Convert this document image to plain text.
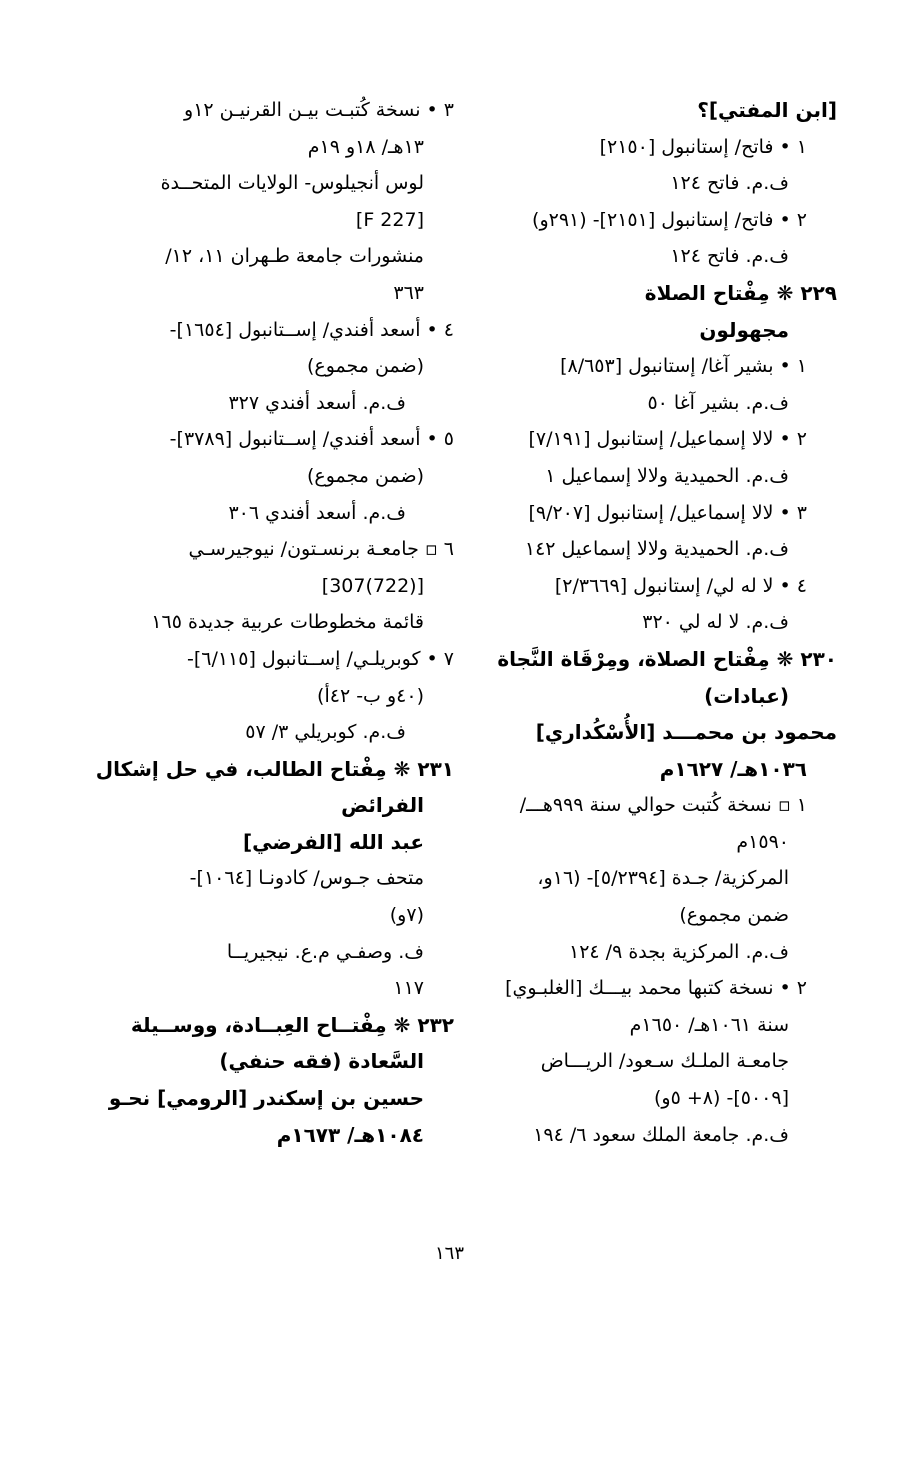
[ابن المفتي]؟
١ • فاتح/ إستانبول [٢١٥٠]
ف.م. فاتح ١٢٤
٢ • فاتح/ إستانبول [٢١٥١]- (٢٩١و)
ف.م. فاتح ١٢٤
٢٢٩ ❋ مِفْتاح الصلاة
مجهولون
١ • بشير آغا/ إستانبول [٨/٦٥٣]
ف.م. بشير آغا ٥٠
٢ • لالا إسماعيل/ إستانبول [٧/١٩١]
ف.م. الحميدية ولالا إسماعيل ١
٣ • لالا إسماعيل/ إستانبول [٩/٢٠٧]
ف.م. الحميدية ولالا إسماعيل ١٤٢
٤ • لا له لي/ إستانبول [٢/٣٦٦٩]
ف.م. لا له لي ٣٢٠
٢٣٠ ❋ مِفْتاح الصلاة، ومِرْقَاة النَّجاة
(عبادات)
محمود بن محمـــد [الأُسْكُداري]
١٠٣٦هـ/ ١٦٢٧م
١ ▫ نسخة كُتبت حوالي سنة ٩٩٩هـــ/
١٥٩٠م
المركزية/ جـدة [٥/٢٣٩٤]- (١٦و،
ضمن مجموع)
ف.م. المركزية بجدة ٩/ ١٢٤
٢ • نسخة كتبها محمد بيـــك [الغلبـوي]
سنة ١٠٦١هـ/ ١٦٥٠م
جامعـة الملـك سـعود/ الريـــاض
[٥٠٠٩]- (٨+ ٥و)
ف.م. جامعة الملك سعود ٦/ ١٩٤
٣ • نسخة كُتبـت بيـن القرنيـن ١٢و
١٣هـ/ ١٨و ١٩م
لوس أنجيلوس- الولايات المتحــدة
[F 227]
منشورات جامعة طـهران ١١، ١٢/
٣٦٣
٤ • أسعد أفندي/ إســتانبول [١٦٥٤]-
(ضمن مجموع)
ف.م. أسعد أفندي ٣٢٧
٥ • أسعد أفندي/ إســتانبول [٣٧٨٩]-
(ضمن مجموع)
ف.م. أسعد أفندي ٣٠٦
٦ ▫ جامعـة برنسـتون/ نيوجيرسـي
[(722)307]
قائمة مخطوطات عربية جديدة ١٦٥
٧ • كوبريلـي/ إســتانبول [٦/١١٥]-
(٤٠و ب- ٤٢أ)
ف.م. كوبريلي ٣/ ٥٧
٢٣١ ❋ مِفْتاح الطالب، في حل إشكال
الفرائض
عبد الله [الفرضي]
متحف جـوس/ كادونـا [١٠٦٤]-
(٧و)
ف. وصفـي م.ع. نيجيريــا
١١٧
٢٣٢ ❋ مِفْتــاح العِبــادة، ووســيلة
السَّعادة (فقه حنفي)
حسين بن إسكندر [الرومي] نحـو
١٠٨٤هـ/ ١٦٧٣م
١٦٣
